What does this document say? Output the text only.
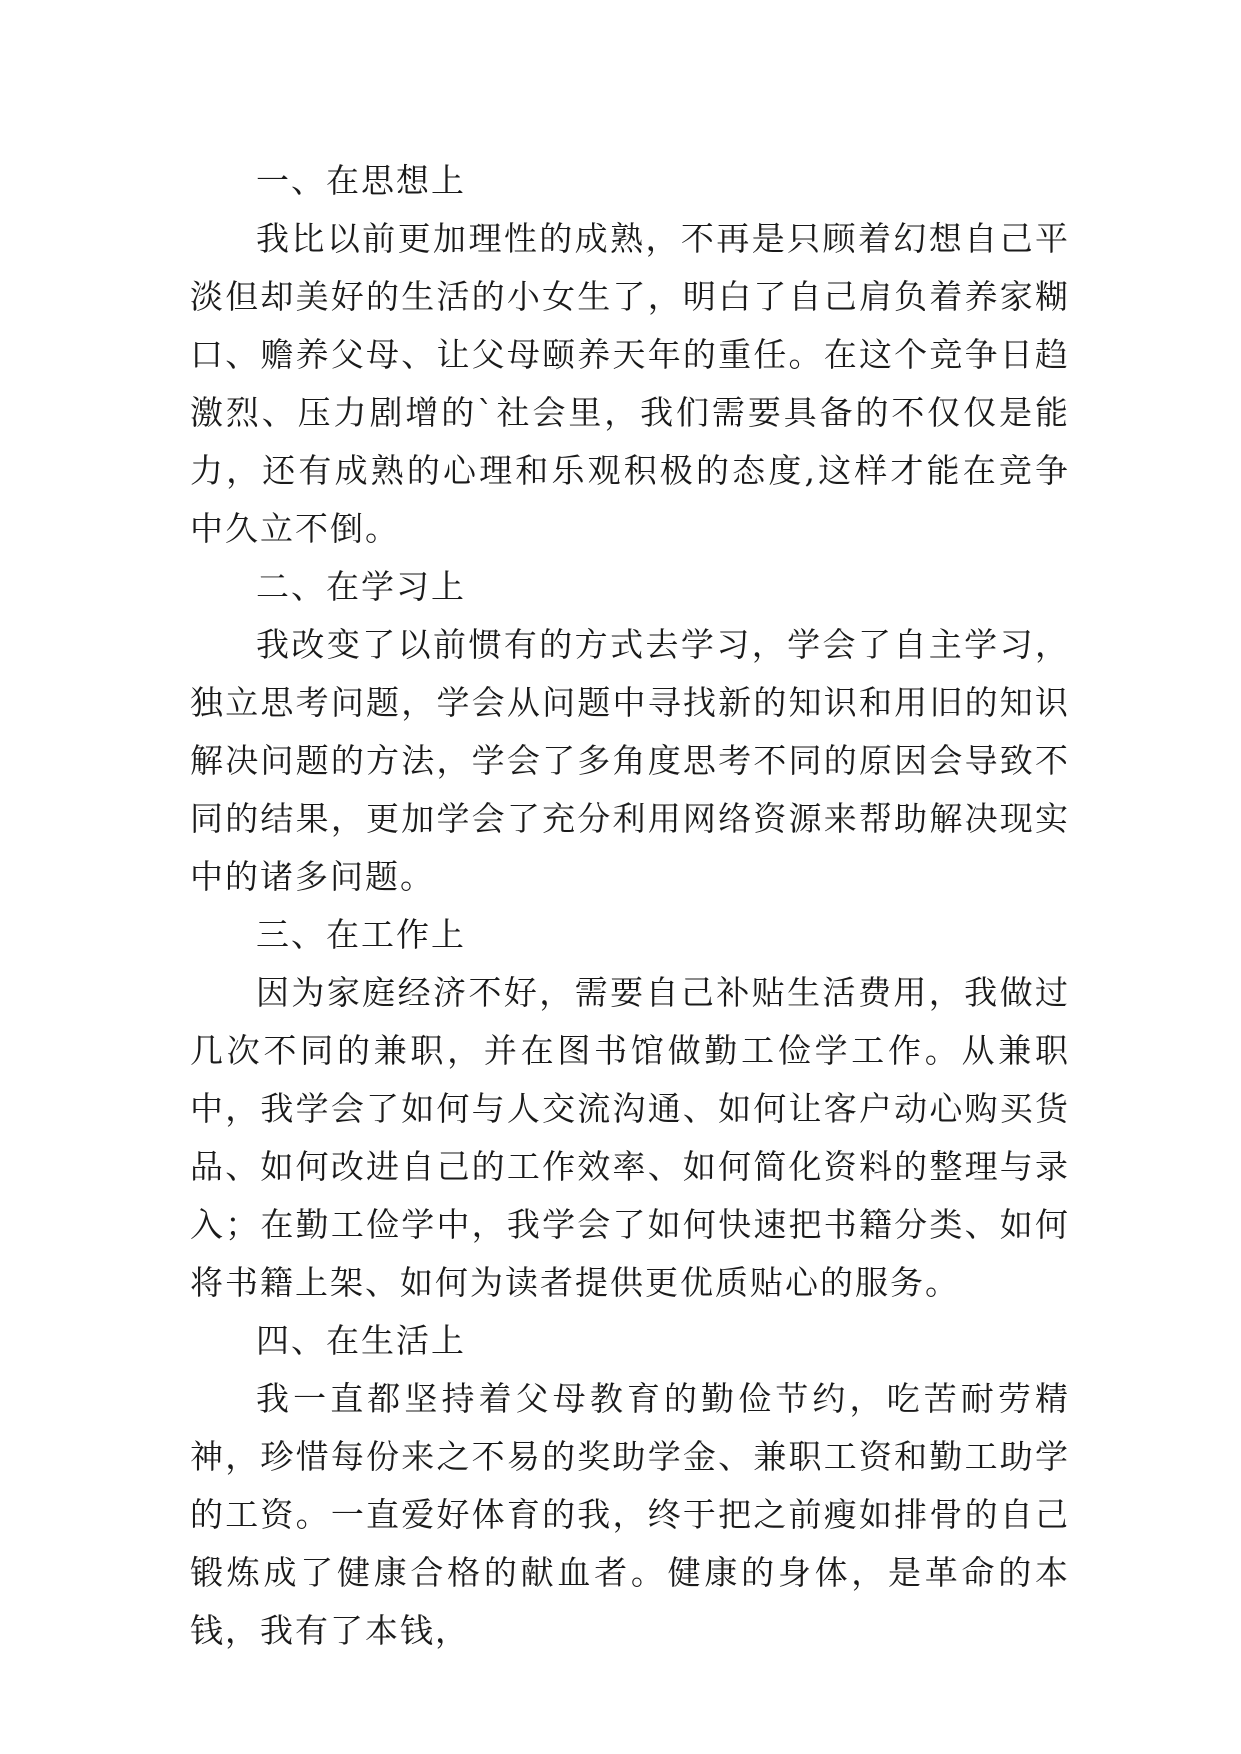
一、在思想上

我比以前更加理性的成熟，不再是只顾着幻想自己平淡但却美好的生活的小女生了，明白了自己肩负着养家糊口、赡养父母、让父母颐养天年的重任。在这个竞争日趋激烈、压力剧增的`社会里，我们需要具备的不仅仅是能力，还有成熟的心理和乐观积极的态度,这样才能在竞争中久立不倒。

二、在学习上

我改变了以前惯有的方式去学习，学会了自主学习，独立思考问题，学会从问题中寻找新的知识和用旧的知识解决问题的方法，学会了多角度思考不同的原因会导致不同的结果，更加学会了充分利用网络资源来帮助解决现实中的诸多问题。

三、在工作上

因为家庭经济不好，需要自己补贴生活费用，我做过几次不同的兼职，并在图书馆做勤工俭学工作。从兼职中，我学会了如何与人交流沟通、如何让客户动心购买货品、如何改进自己的工作效率、如何简化资料的整理与录入；在勤工俭学中，我学会了如何快速把书籍分类、如何将书籍上架、如何为读者提供更优质贴心的服务。

四、在生活上

我一直都坚持着父母教育的勤俭节约，吃苦耐劳精神，珍惜每份来之不易的奖助学金、兼职工资和勤工助学的工资。一直爱好体育的我，终于把之前瘦如排骨的自己锻炼成了健康合格的献血者。健康的身体，是革命的本钱，我有了本钱，
